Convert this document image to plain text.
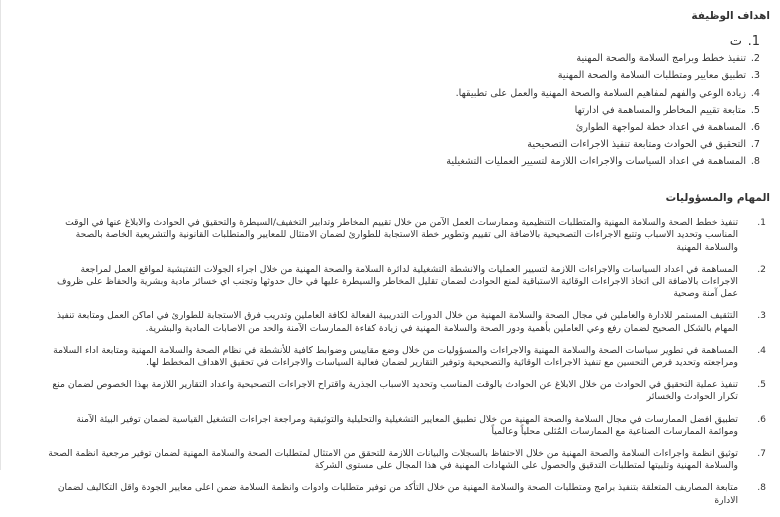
اهداف الوظيفة
1.
ت
2.
تنفيذ خطط وبرامج السلامة والصحة المهنية
3.
تطبيق معايير ومتطلبات السلامة والصحة المهنية
4.
زيادة الوعي والفهم لمفاهيم السلامة والصحة المهنية والعمل على تطبيقها.
5.
متابعة تقييم المخاطر والمساهمة في ادارتها
6.
المساهمة في اعداد خطة لمواجهة الطوارئ
7.
التحقيق في الحوادث ومتابعة تنفيذ الاجراءات التصحيحية
8.
المساهمة في اعداد السياسات والاجراءات اللازمة لتسيير العمليات التشغيلية
المهام والمسؤوليات
1.
تنفيذ خطط الصحة والسلامة المهنية والمتطلبات التنظيمية وممارسات العمل الآمن من خلال تقييم المخاطر وتدابير التخفيف/السيطرة والتحقيق في الحوادث والابلاغ عنها في الوقت المناسب وتحديد الاسباب وتتبع الاجراءات التصحيحية بالاضافة الى تقييم وتطوير خطة الاستجابة للطوارئ لضمان الامتثال للمعايير والمتطلبات القانونية والتشريعية الخاصة بالصحة والسلامة المهنية
2.
المساهمة في اعداد السياسات والاجراءات اللازمة لتسيير العمليات والانشطة التشغيلية لدائرة السلامة والصحة المهنية من خلال اجراء الجولات التفتيشية لمواقع العمل لمراجعة الاجراءات بالاضافة الى اتخاذ الاجراءات الوقائية الاستباقية لمنع الحوادث لضمان تقليل المخاطر والسيطرة عليها في حال حدوثها وتجنب اي خسائر مادية وبشرية والحفاظ على ظروف عمل آمنة وصحية
3.
التثقيف المستمر للادارة والعاملين في مجال الصحة والسلامة المهنية من خلال الدورات التدريبية الفعالة لكافة العاملين وتدريب فرق الاستجابة للطوارئ في اماكن العمل ومتابعة تنفيذ المهام بالشكل الصحيح لضمان رفع وعي العاملين بأهمية ودور الصحة والسلامة المهنية في زيادة كفاءة الممارسات الآمنة والحد من الاصابات المادية والبشرية.
4.
المساهمة في تطوير سياسات الصحة والسلامة المهنية والاجراءات والمسؤوليات من خلال وضع مقاييس وضوابط كافية للأنشطة في نظام الصحة والسلامة المهنية ومتابعة اداء السلامة ومراجعته وتحديد فرص التحسين مع تنفيذ الاجراءات الوقائية والتصحيحية وتوفير التقارير لضمان فعالية السياسات والاجراءات في تحقيق الاهداف المخطط لها.
5.
تنفيذ عملية التحقيق في الحوادث من خلال الابلاغ عن الحوادث بالوقت المناسب وتحديد الاسباب الجذرية واقتراح الاجراءات التصحيحية واعداد التقارير اللازمة بهذا الخصوص لضمان منع تكرار الحوادث والخسائر
6.
تطبيق افضل الممارسات في مجال السلامة والصحة المهنية من خلال تطبيق المعايير التشغيلية والتحليلية والتوثيقية ومراجعة اجراءات التشغيل القياسية لضمان توفير البيئة الآمنة وموائمة الممارسات الصناعية مع الممارسات المُثلى محلياً وعالمياً
7.
توثيق انظمة واجراءات السلامة والصحة المهنية من خلال الاحتفاظ بالسجلات والبيانات اللازمة للتحقق من الامتثال لمتطلبات الصحة والسلامة المهنية لضمان توفير مرجعية انظمة الصحة والسلامة المهنية وتلبيتها لمتطلبات التدقيق والحصول على الشهادات المهنية في هذا المجال على مستوى الشركة
8.
متابعة المصاريف المتعلقة بتنفيذ برامج ومتطلبات الصحة والسلامة المهنية من خلال التأكد من توفير متطلبات وادوات وانظمة السلامة ضمن اعلى معايير الجودة واقل التكاليف لضمان الادارة
